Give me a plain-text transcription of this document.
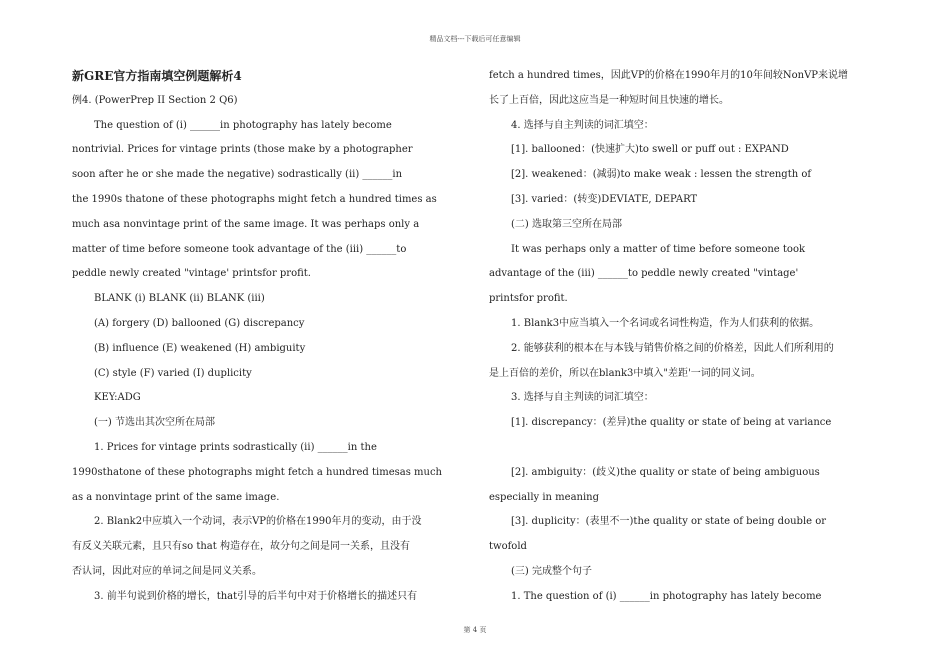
精品文档---下载后可任意编辑
新GRE官方指南填空例题解析4
例4. (PowerPrep II Section 2 Q6)
The question of (i) ______in photography has lately become
nontrivial. Prices for vintage prints (those make by a photographer
soon after he or she made the negative) sodrastically (ii) ______in
the 1990s thatone of these photographs might fetch a hundred times as
much asa nonvintage print of the same image. It was perhaps only a
matter of time before someone took advantage of the (iii) ______to
peddle newly created "vintage' printsfor profit.
BLANK (i) BLANK (ii) BLANK (iii)
(A) forgery (D) ballooned (G) discrepancy
(B) influence (E) weakened (H) ambiguity
(C) style (F) varied (I) duplicity
KEY:ADG
(一) 节选出其次空所在局部
1. Prices for vintage prints sodrastically (ii) ______in the
1990sthatone of these photographs might fetch a hundred timesas much
as a nonvintage print of the same image.
2. Blank2中应填入一个动词，表示VP的价格在1990年月的变动，由于没
有反义关联元素，且只有so that 构造存在，故分句之间是同一关系，且没有
否认词，因此对应的单词之间是同义关系。
3. 前半句说到价格的增长，that引导的后半句中对于价格增长的描述只有
fetch a hundred times，因此VP的价格在1990年月的10年间较NonVP来说增
长了上百倍，因此这应当是一种短时间且快速的增长。
4. 选择与自主判读的词汇填空：
[1]. ballooned：(快速扩大)to swell or puff out : EXPAND
[2]. weakened：(减弱)to make weak : lessen the strength of
[3]. varied：(转变)DEVIATE, DEPART
(二) 选取第三空所在局部
It was perhaps only a matter of time before someone took
advantage of the (iii) ______to peddle newly created "vintage'
printsfor profit.
1. Blank3中应当填入一个名词或名词性构造，作为人们获利的依据。
2. 能够获利的根本在与本钱与销售价格之间的价格差，因此人们所利用的
是上百倍的差价，所以在blank3中填入"差距'一词的同义词。
3. 选择与自主判读的词汇填空：
[1]. discrepancy：(差异)the quality or state of being at variance
[2]. ambiguity：(歧义)the quality or state of being ambiguous
especially in meaning
[3]. duplicity：(表里不一)the quality or state of being double or
twofold
(三) 完成整个句子
1. The question of (i) ______in photography has lately become
第 4 页
